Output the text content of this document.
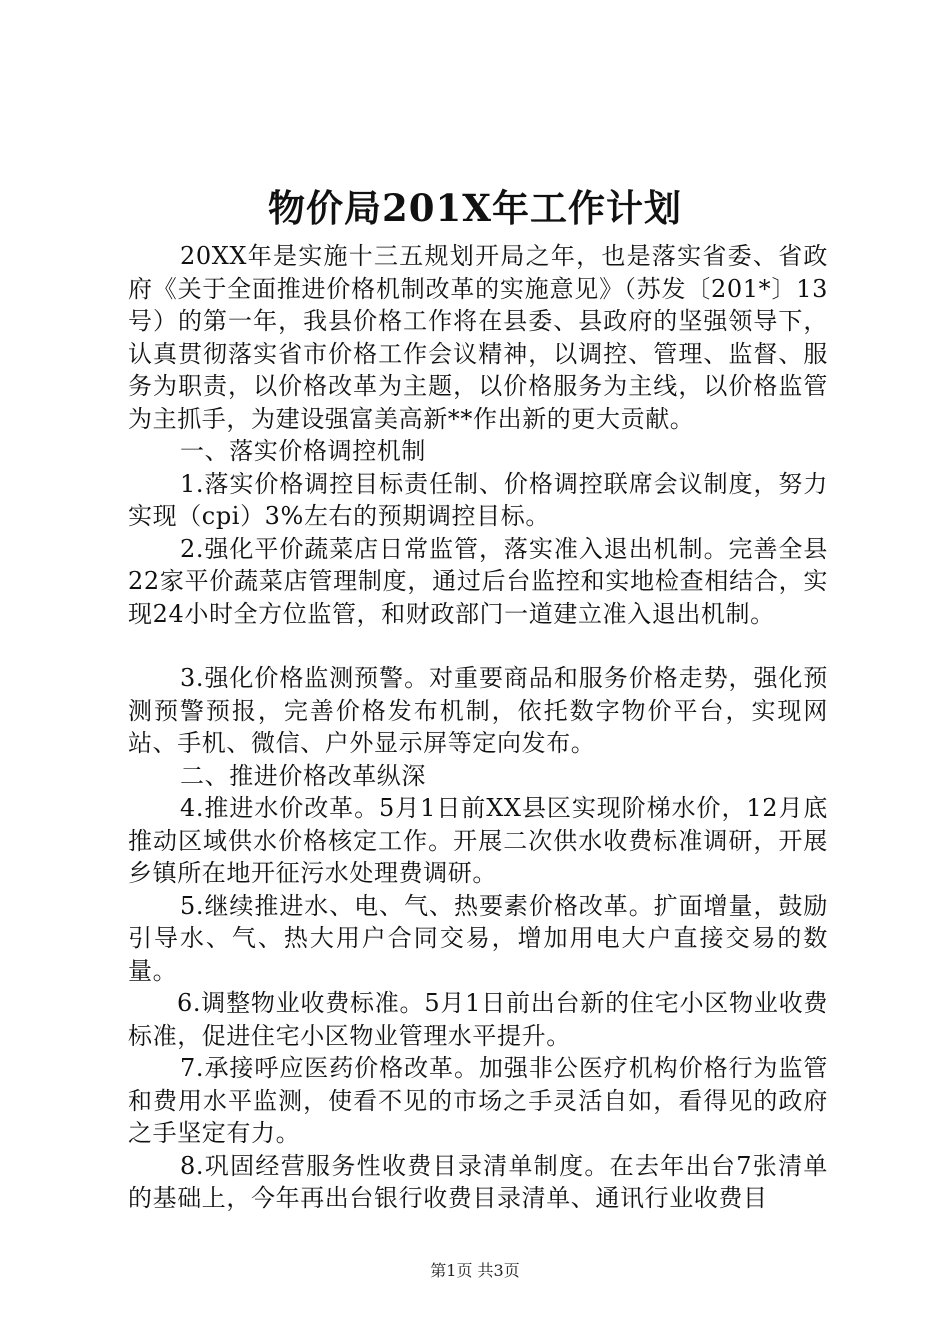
物价局201X年工作计划

20XX年是实施十三五规划开局之年，也是落实省委、省政府《关于全面推进价格机制改革的实施意见》（苏发〔201*〕13号）的第一年，我县价格工作将在县委、县政府的坚强领导下，认真贯彻落实省市价格工作会议精神，以调控、管理、监督、服务为职责，以价格改革为主题，以价格服务为主线，以价格监管为主抓手，为建设强富美高新**作出新的更大贡献。

一、落实价格调控机制

1.落实价格调控目标责任制、价格调控联席会议制度，努力实现（cpi）3%左右的预期调控目标。

2.强化平价蔬菜店日常监管，落实准入退出机制。完善全县22家平价蔬菜店管理制度，通过后台监控和实地检查相结合，实现24小时全方位监管，和财政部门一道建立准入退出机制。

3.强化价格监测预警。对重要商品和服务价格走势，强化预测预警预报，完善价格发布机制，依托数字物价平台，实现网站、手机、微信、户外显示屏等定向发布。

二、推进价格改革纵深

4.推进水价改革。5月1日前XX县区实现阶梯水价，12月底推动区域供水价格核定工作。开展二次供水收费标准调研，开展乡镇所在地开征污水处理费调研。

5.继续推进水、电、气、热要素价格改革。扩面增量，鼓励引导水、气、热大用户合同交易，增加用电大户直接交易的数量。

6.调整物业收费标准。5月1日前出台新的住宅小区物业收费标准，促进住宅小区物业管理水平提升。

7.承接呼应医药价格改革。加强非公医疗机构价格行为监管和费用水平监测，使看不见的市场之手灵活自如，看得见的政府之手坚定有力。

8.巩固经营服务性收费目录清单制度。在去年出台7张清单的基础上，今年再出台银行收费目录清单、通讯行业收费目

第1页 共3页
